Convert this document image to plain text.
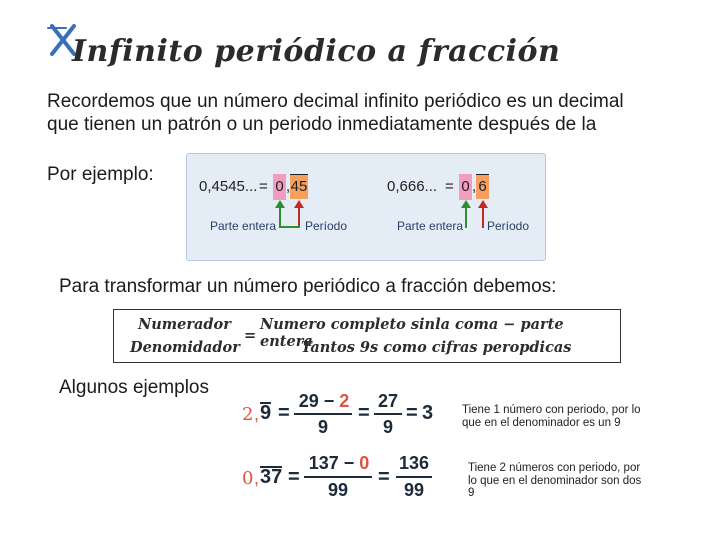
Infinito periódico a fracción
Recordemos que un número decimal infinito periódico es un decimal que tienen un patrón o un periodo inmediatamente después de la
Por ejemplo:
0,4545... = 0 , 45
Parte entera Período
0,666... = 0 , 6
Parte entera Período
Para transformar un número periódico a fracción debemos:
Numerador
Denomidador
=
Numero completo sinla coma − parte entera
Tantos 9s como cifras peropdicas
Algunos ejemplos
2 , 9 =
29 − 2
9
=
27
9
= 3	Tiene 1 número con periodo, por lo que en el denominador es un 9
0 , 37 =
137 − 0
99
=
136
99
Tiene 2 números con periodo, por lo que en el denominador son dos 9
